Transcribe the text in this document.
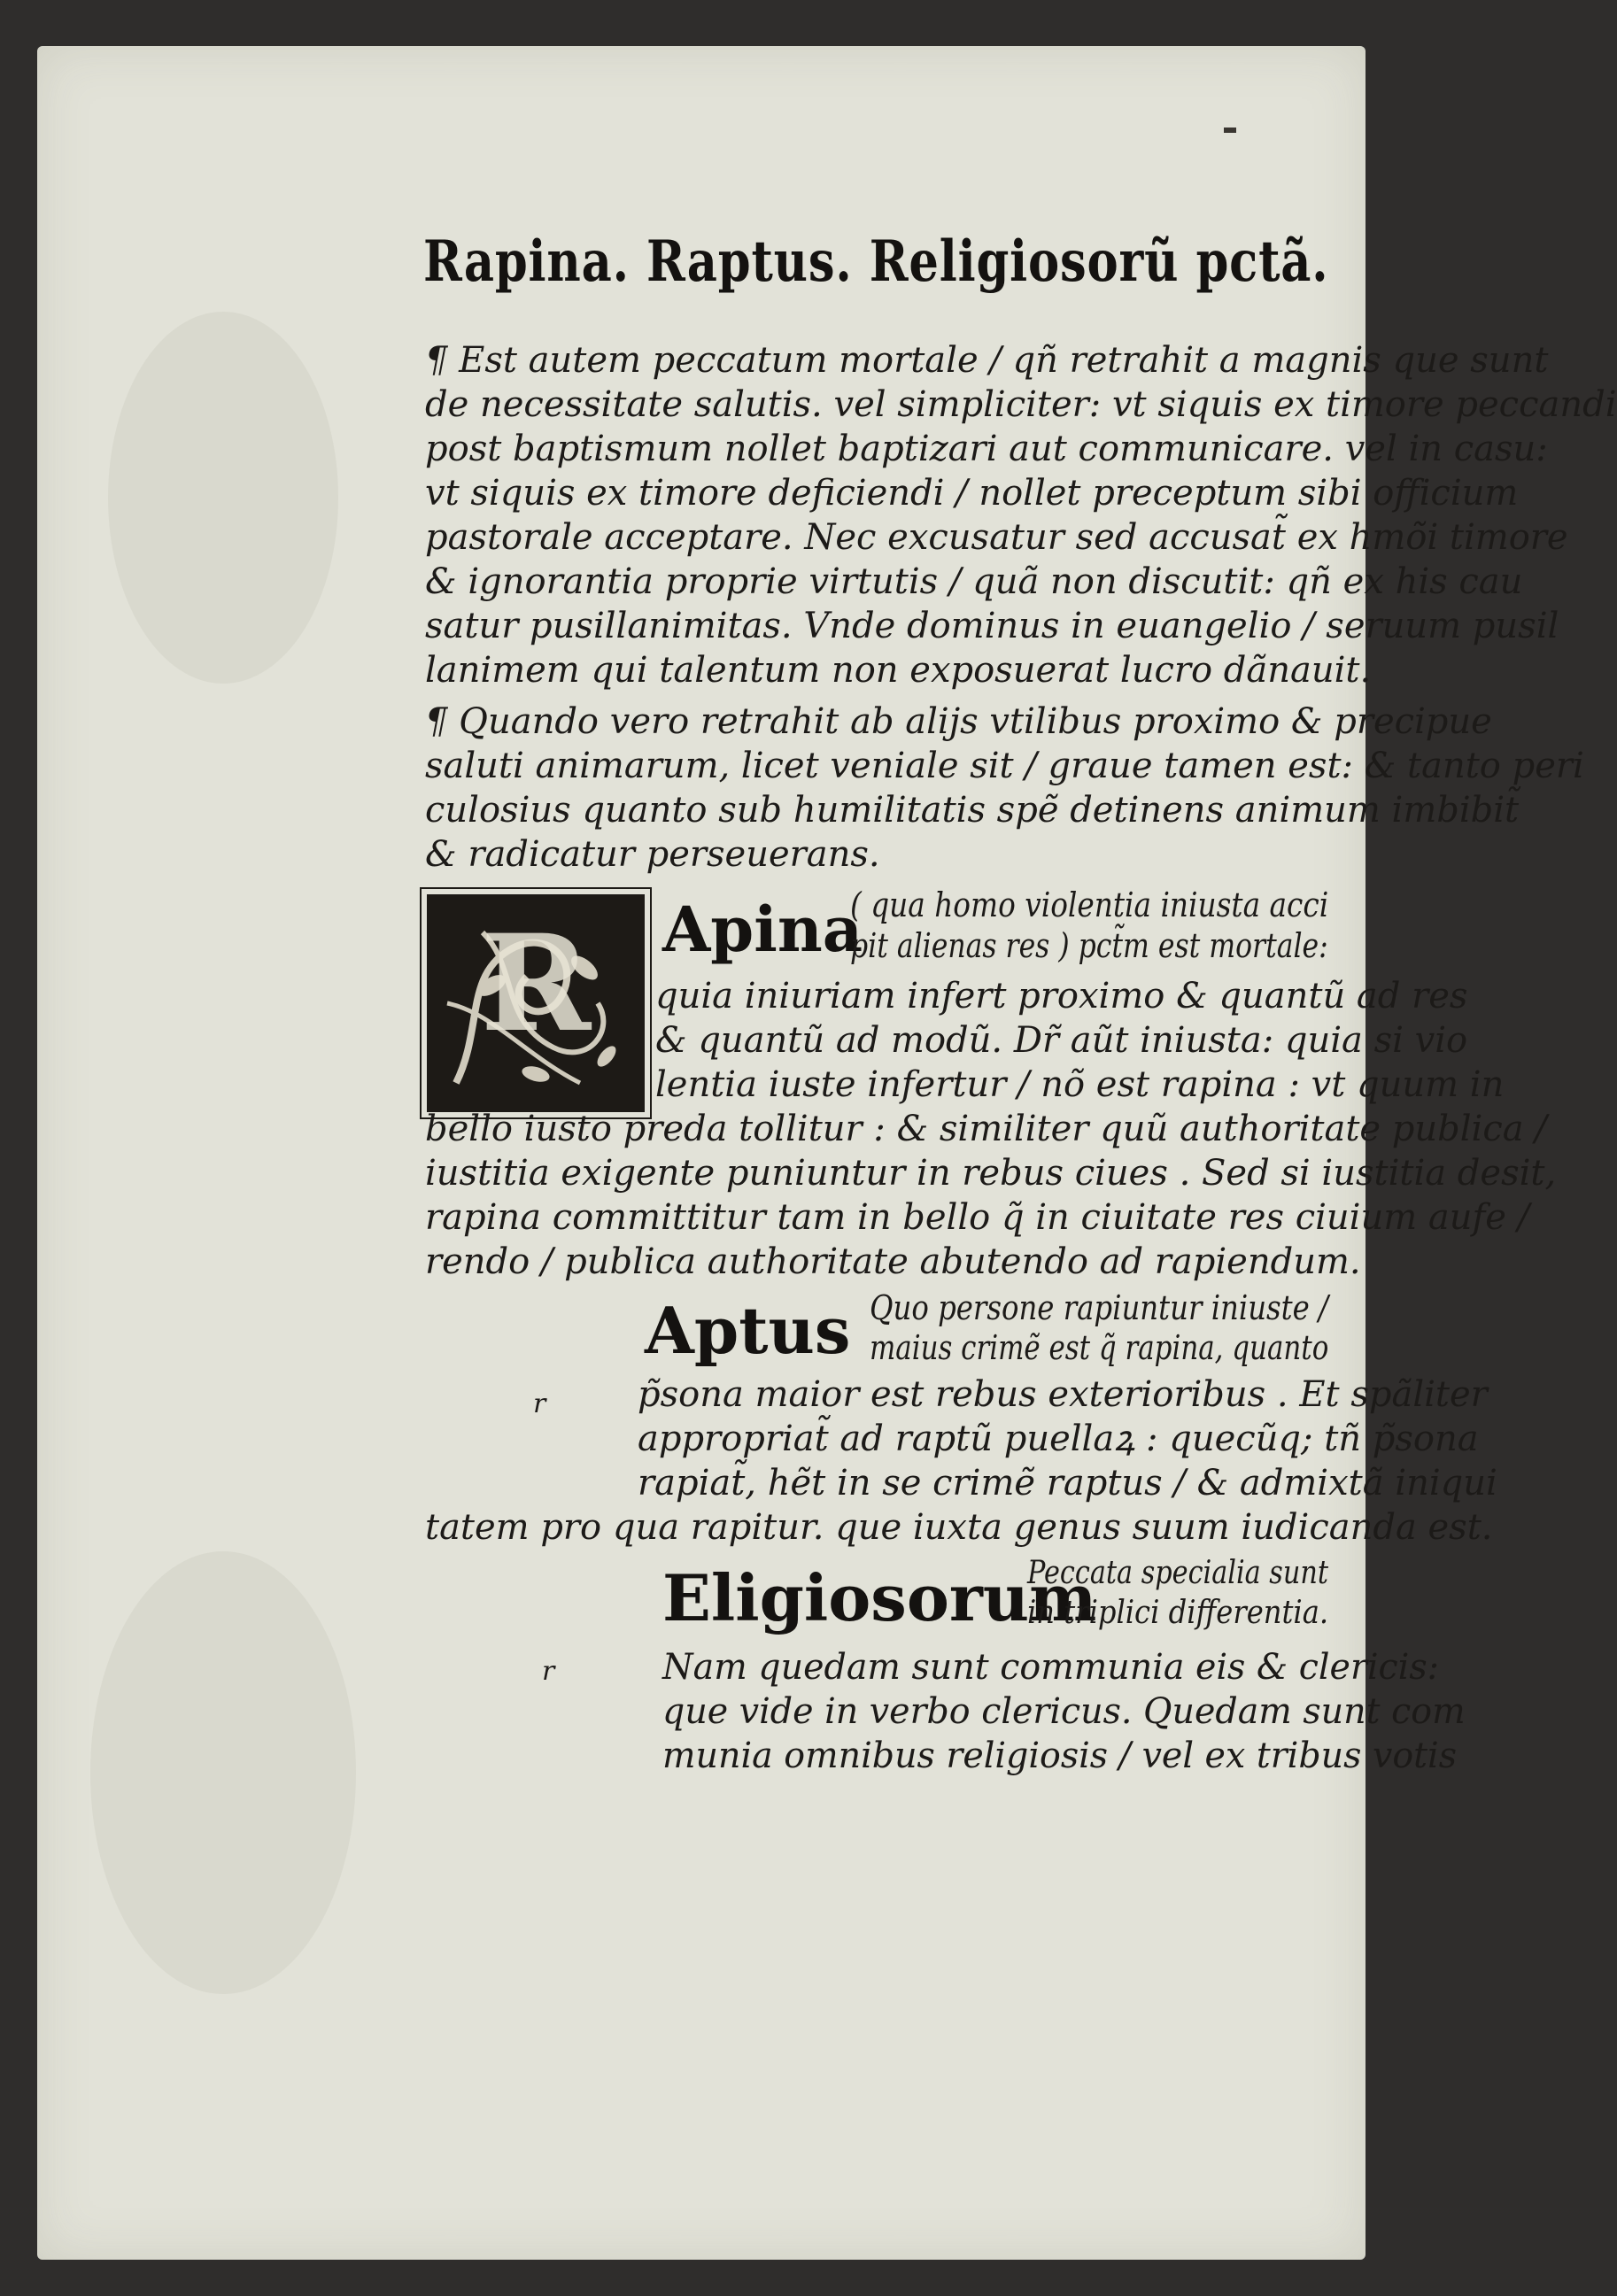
Rapina. Raptus. Religiosorũ pctã.
¶ Est autem peccatum mortale / qñ retrahit a magnis que sunt
de necessitate salutis. vel simpliciter: vt siquis ex timore peccandi
post baptismum nollet baptizari aut communicare. vel in casu:
vt siquis ex timore deficiendi / nollet preceptum sibi officium
pastorale acceptare. Nec excusatur sed accusat̃ ex hmõi timore
& ignorantia proprie virtutis / quã non discutit: qñ ex his cau
satur pusillanimitas. Vnde dominus in euangelio / seruum pusil
lanimem qui talentum non exposuerat lucro dãnauit.
¶ Quando vero retrahit ab alijs vtilibus proximo & precipue
saluti animarum, licet veniale sit / graue tamen est: & tanto peri
culosius quanto sub humilitatis spẽ detinens animum imbibit̃
& radicatur perseuerans.
R Apina
( qua homo violentia iniusta acci
pit alienas res ) pct̃m est mortale:
quia iniuriam infert proximo & quantũ ad res
& quantũ ad modũ. Dr̃ aũt iniusta: quia si vio
lentia iuste infertur / nõ est rapina : vt quum in
bello iusto preda tollitur : & similiter quũ authoritate publica /
iustitia exigente puniuntur in rebus ciues . Sed si iustitia desit,
rapina committitur tam in bello q̃ in ciuitate res ciuium aufe /
rendo / publica authoritate abutendo ad rapiendum.
Aptus Quo persone rapiuntur iniuste /
maius crimẽ est q̃ rapina, quanto
r	p̃sona maior est rebus exterioribus . Et spãliter
appropriat̃ ad raptũ puellaꝝ : quecũq; tñ p̃sona
rapiat̃, hẽt in se crimẽ raptus / & admixtã iniqui
tatem pro qua rapitur. que iuxta genus suum iudicanda est.
Eligiosorum
Peccata specialia sunt
in triplici differentia.
r	Nam quedam sunt communia eis & clericis:
que vide in verbo clericus. Quedam sunt com
munia omnibus religiosis / vel ex tribus votis
